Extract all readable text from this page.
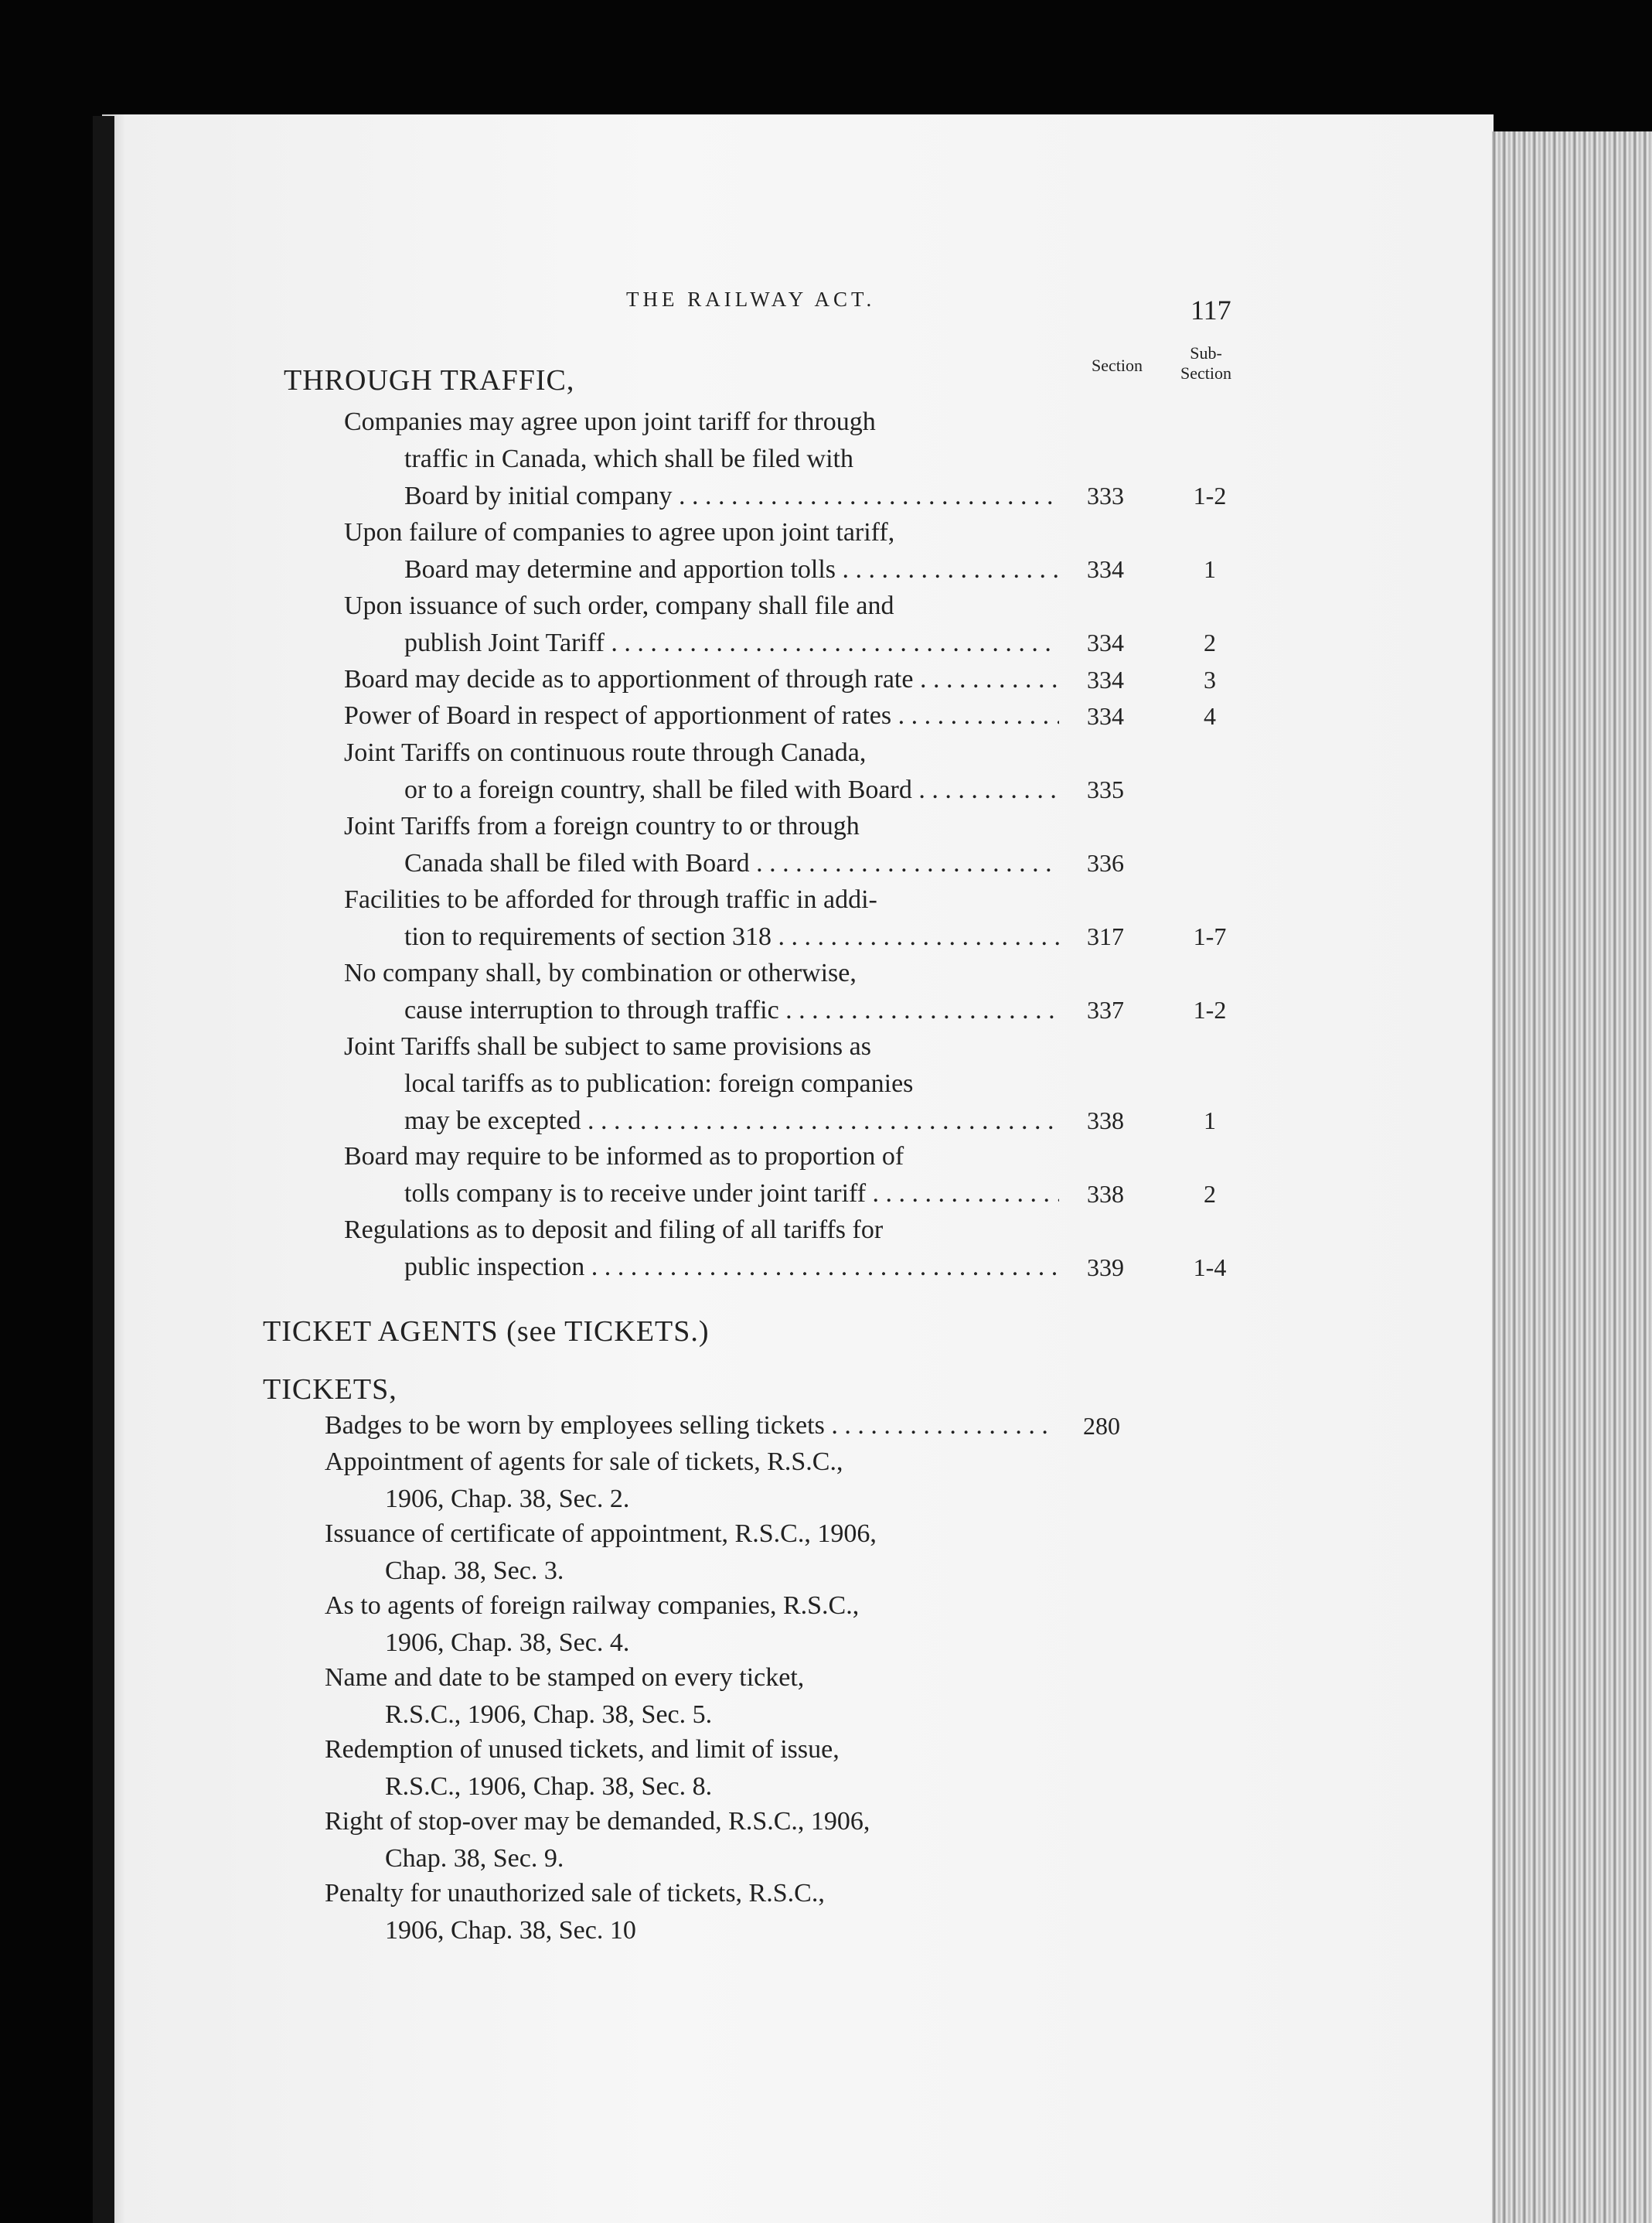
THE RAILWAY ACT.	117
Section
Sub-
Section
THROUGH TRAFFIC,
Companies may agree upon joint tariff for through
traffic in Canada, which shall be filed with
Board by initial company . . .	333	1-2
Upon failure of companies to agree upon joint tariff,
Board may determine and apportion tolls . . .	334	1
Upon issuance of such order, company shall file and
publish Joint Tariff . . .	334	2
Board may decide as to apportionment of through rate . . .	334	3
Power of Board in respect of apportionment of rates . . .	334	4
Joint Tariffs on continuous route through Canada,
or to a foreign country, shall be filed with Board . . .	335
Joint Tariffs from a foreign country to or through
Canada shall be filed with Board . . .	336
Facilities to be afforded for through traffic in addi-
tion to requirements of section 318 . . .	317	1-7
No company shall, by combination or otherwise,
cause interruption to through traffic . . .	337	1-2
Joint Tariffs shall be subject to same provisions as
local tariffs as to publication: foreign companies
may be excepted . . .	338	1
Board may require to be informed as to proportion of
tolls company is to receive under joint tariff . . .	338	2
Regulations as to deposit and filing of all tariffs for
public inspection . . .	339	1-4
TICKET AGENTS (see TICKETS.)
TICKETS,
Badges to be worn by employees selling tickets . . .	280
Appointment of agents for sale of tickets, R.S.C.,
1906, Chap. 38, Sec. 2.
Issuance of certificate of appointment, R.S.C., 1906,
Chap. 38, Sec. 3.
As to agents of foreign railway companies, R.S.C.,
1906, Chap. 38, Sec. 4.
Name and date to be stamped on every ticket,
R.S.C., 1906, Chap. 38, Sec. 5.
Redemption of unused tickets, and limit of issue,
R.S.C., 1906, Chap. 38, Sec. 8.
Right of stop-over may be demanded, R.S.C., 1906,
Chap. 38, Sec. 9.
Penalty for unauthorized sale of tickets, R.S.C.,
1906, Chap. 38, Sec. 10
